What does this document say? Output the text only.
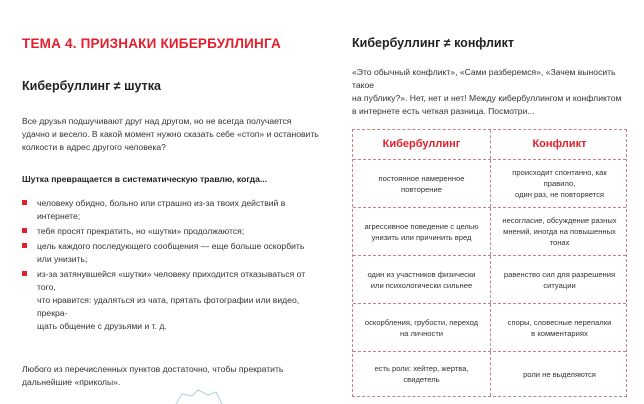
ТЕМА 4. ПРИЗНАКИ КИБЕРБУЛЛИНГА
Кибербуллинг ≠ шутка
Все друзья подшучивают друг над другом, но не всегда получается
удачно и весело. В какой момент нужно сказать себе «стоп» и остановить
колкости в адрес другого человека?
Шутка превращается в систематическую травлю, когда...
человеку обидно, больно или страшно из-за твоих действий в интернете;
тебя просят прекратить, но «шутки» продолжаются;
цель каждого последующего сообщения — еще больше оскорбить
или унизить;
из-за затянувшейся «шутки» человеку приходится отказываться от того,
что нравится: удаляться из чата, прятать фотографии или видео, прекра-
щать общение с друзьями и т. д.
Любого из перечисленных пунктов достаточно, чтобы прекратить
дальнейшие «приколы».
Кибербуллинг ≠ конфликт
«Это обычный конфликт», «Сами разберемся», «Зачем выносить такое
на публику?». Нет, нет и нет! Между кибербуллингом и конфликтом
в интернете есть четкая разница. Посмотри...
Кибербуллинг	Конфликт
постоянное намеренное повторение
происходит спонтанно, как правило,
один раз, не повторяется
агрессивное поведение с целью
унизить или причинить вред
несогласие, обсуждение разных
мнений, иногда на повышенных тонах
один из участников физически
или психологически сильнее
равенство сил для разрешения
ситуации
оскорбления, грубости, переход
на личности
споры, словесные перепалки
в комментариях
есть роли: хейтер, жертва, свидетель
роли не выделяются
